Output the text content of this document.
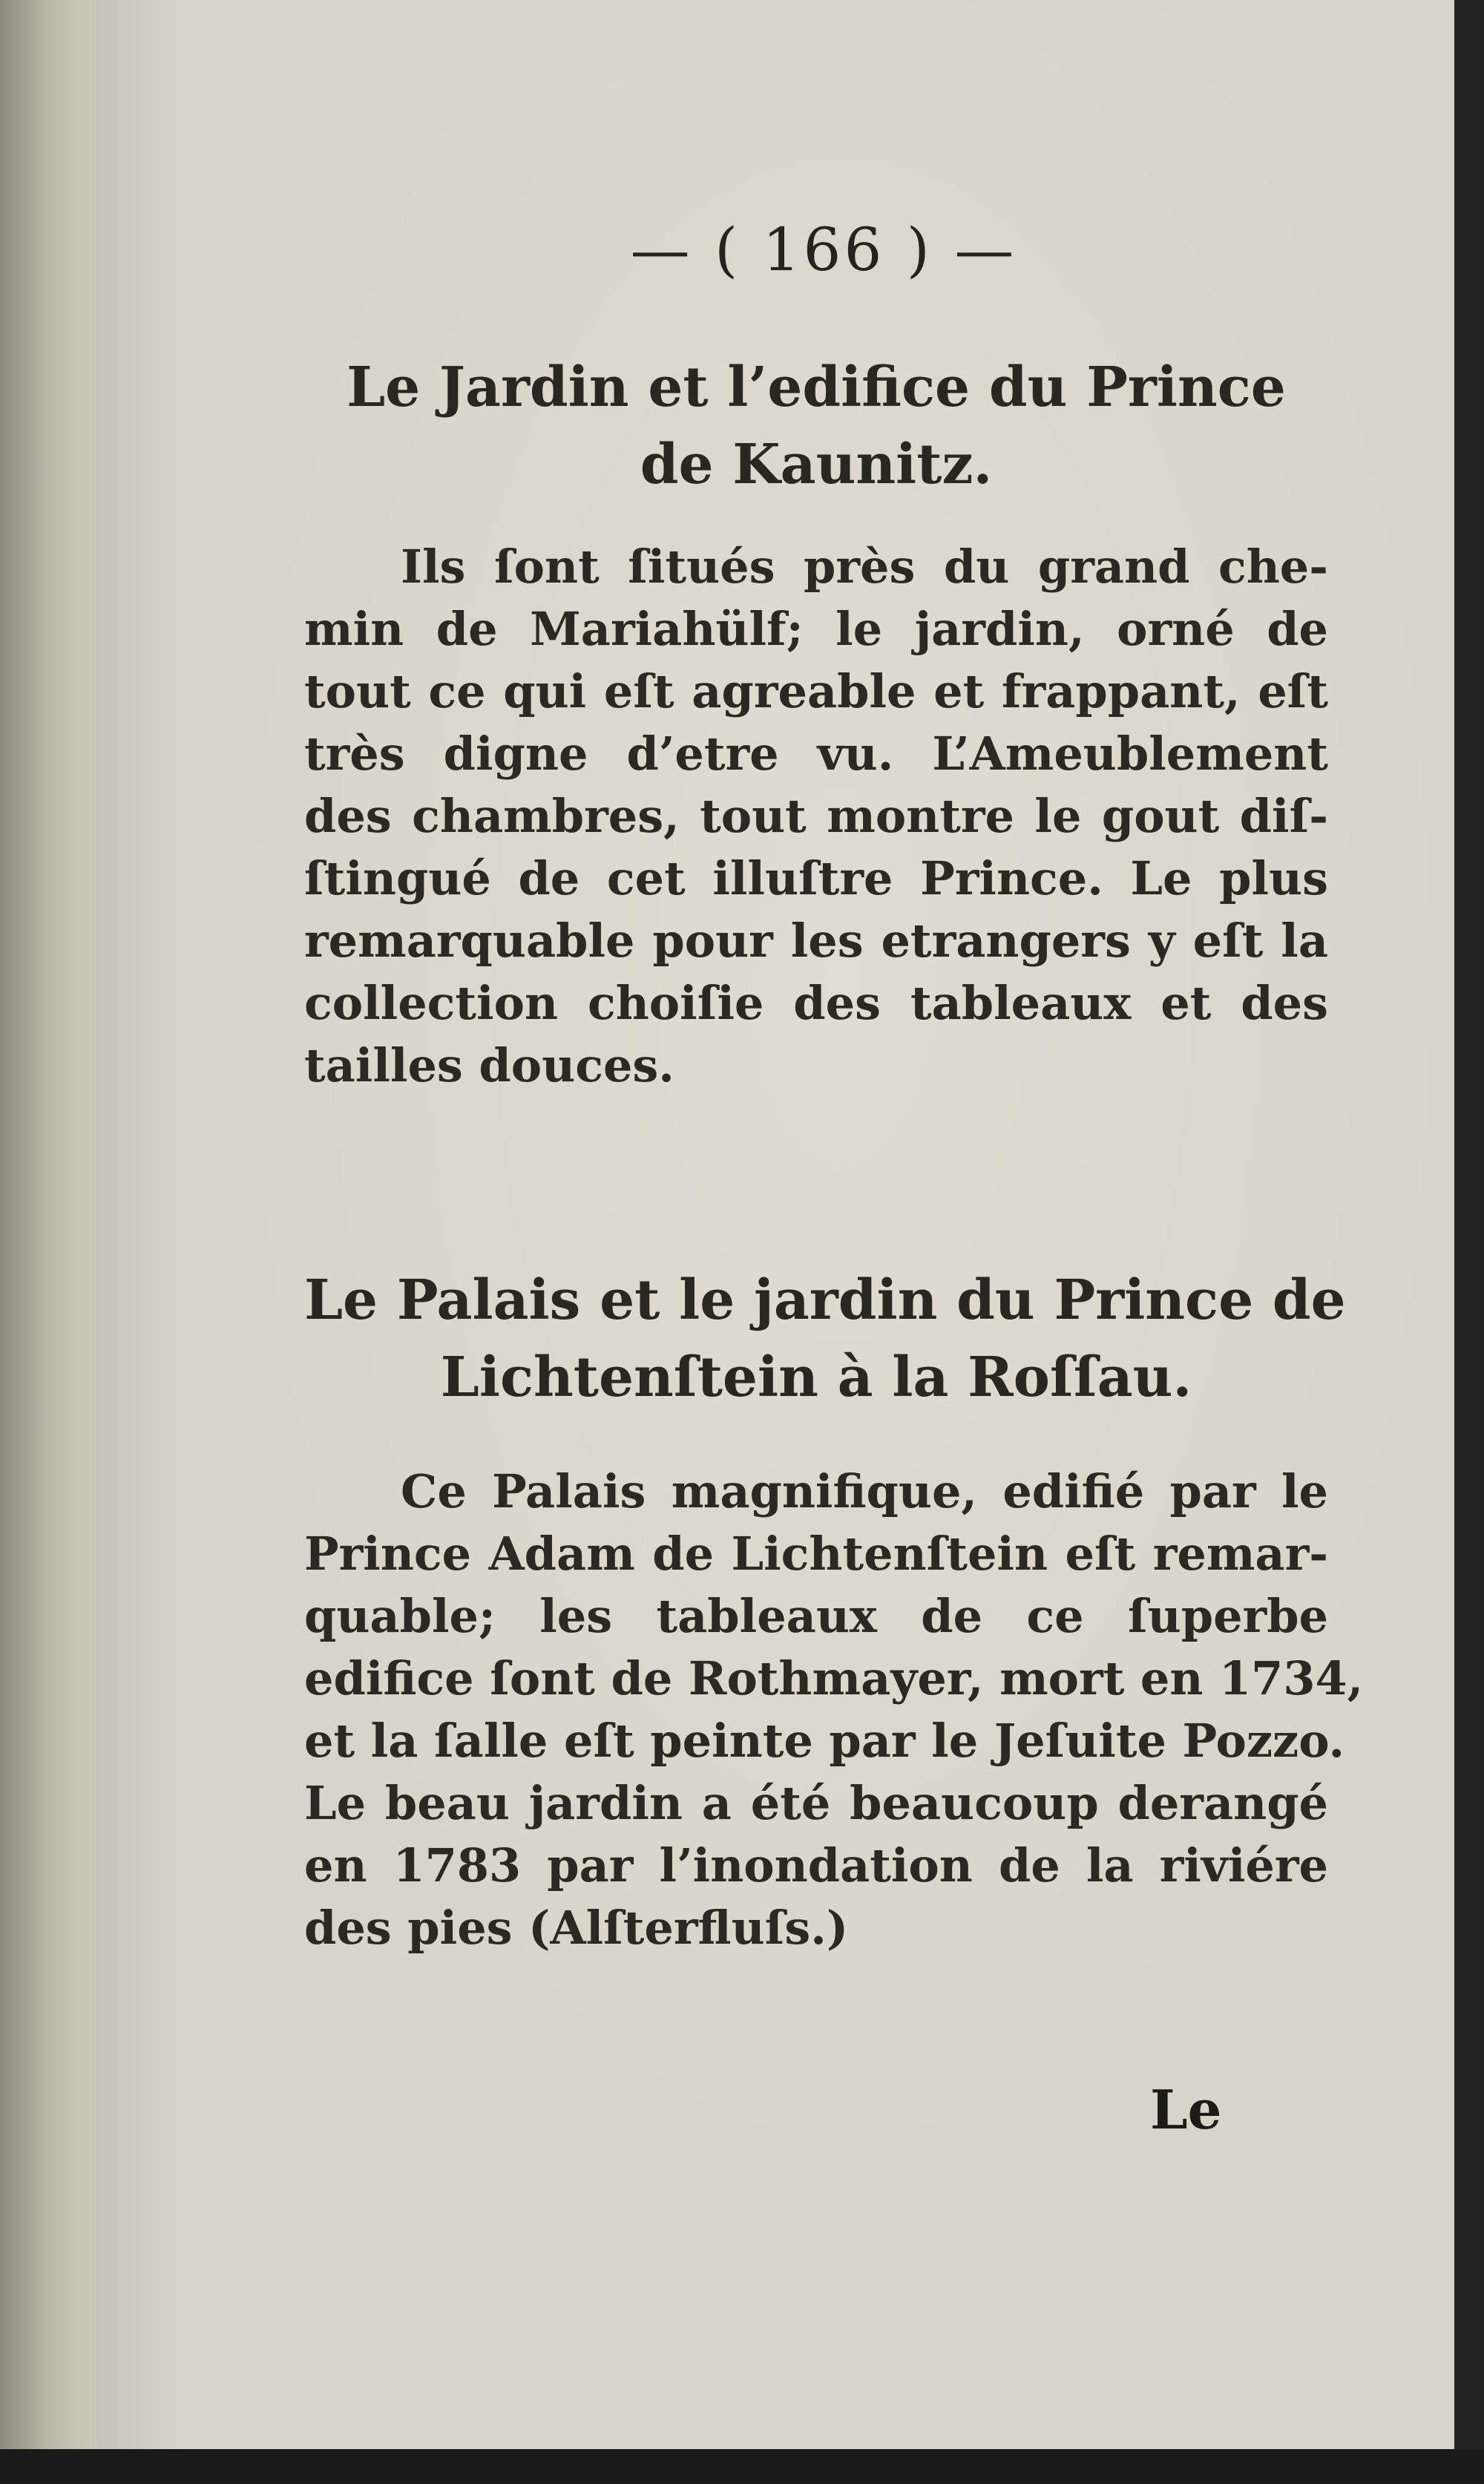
— ( 166 ) —
Le Jardin et l’edifice du Prince
de Kaunitz.
Ils ſont ſitués près du grand che-
min de Mariahülf; le jardin, orné de
tout ce qui eſt agreable et frappant, eſt
très digne d’etre vu. L’Ameublement
des chambres, tout montre le gout diſ-
ſtingué de cet illuſtre Prince. Le plus
remarquable pour les etrangers y eſt la
collection choiſie des tableaux et des
tailles douces.
Le Palais et le jardin du Prince de
Lichtenſtein à la Roſſau.
Ce Palais magnifique, edifié par le
Prince Adam de Lichtenſtein eſt remar-
quable; les tableaux de ce ſuperbe
edifice ſont de Rothmayer, mort en 1734,
et la ſalle eſt peinte par le Jeſuite Pozzo.
Le beau jardin a été beaucoup derangé
en 1783 par l’inondation de la riviére
des pies (Alſterfluſs.)
Le
